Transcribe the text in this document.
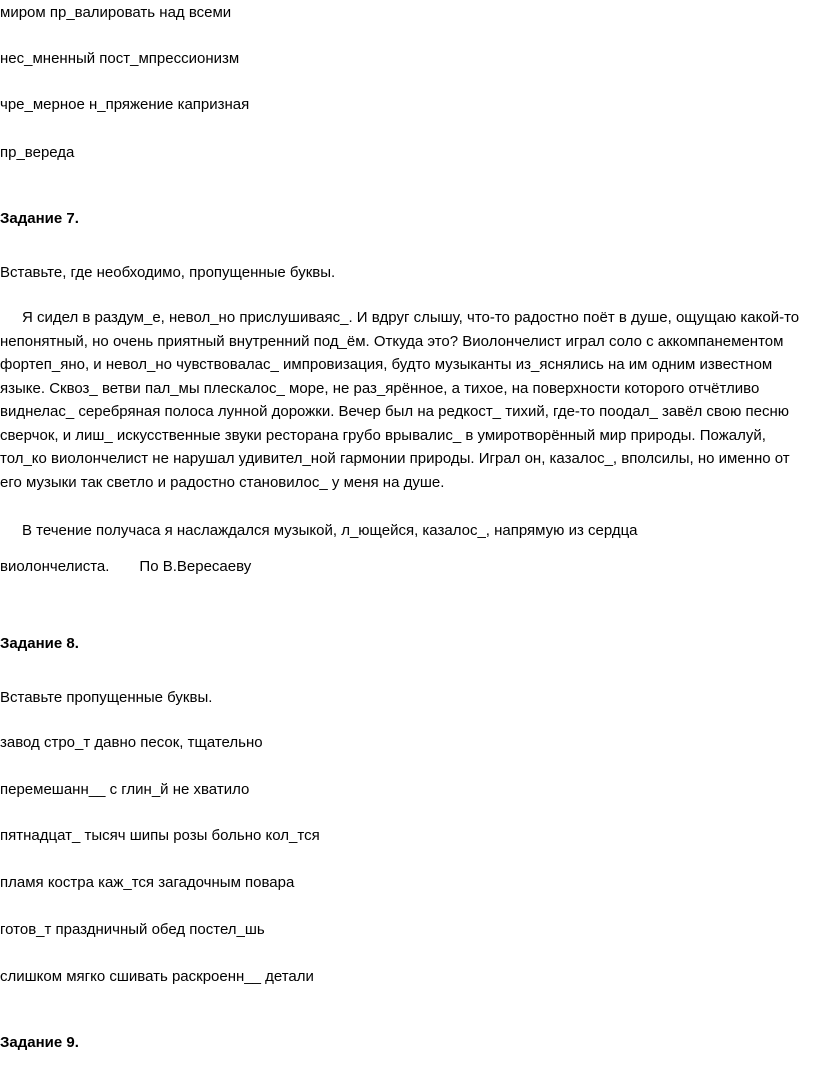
миром пр_валировать над всеми

нес_мненный пост_мпрессионизм

чре_мерное н_пряжение капризная

пр_вереда

Задание 7.

Вставьте, где необходимо, пропущенные буквы.

Я сидел в раздум_е, невол_но прислушиваяс_. И вдруг слышу, что-то радостно поёт в душе, ощущаю какой-то непонятный, но очень приятный внутренний под_ём. Откуда это? Виолончелист играл соло с аккомпанементом фортеп_яно, и невол_но чувствовалас_ импровизация, будто музыканты из_яснялись на им одним известном языке. Сквоз_ ветви пал_мы плескалос_ море, не раз_ярённое, а тихое, на поверхности которого отчётливо виднелас_ серебряная полоса лунной дорожки. Вечер был на редкост_ тихий, где-то поодал_ завёл свою песню сверчок, и лиш_ искусственные звуки ресторана грубо врывалис_ в умиротворённый мир природы. Пожалуй, тол_ко виолончелист не нарушал удивител_ной гармонии природы. Играл он, казалос_, вполсилы, но именно от его музыки так светло и радостно становилос_ у меня на душе.

В течение получаса я наслаждался музыкой, л_ющейся, казалос_, напрямую из сердца

виолончелиста. По В.Вересаеву

Задание 8.

Вставьте пропущенные буквы.

завод стро_т давно песок, тщательно

перемешанн__ с глин_й не хватило

пятнадцат_ тысяч шипы розы больно кол_тся

пламя костра каж_тся загадочным повара

готов_т праздничный обед постел_шь

слишком мягко сшивать раскроенн__ детали

Задание 9.
